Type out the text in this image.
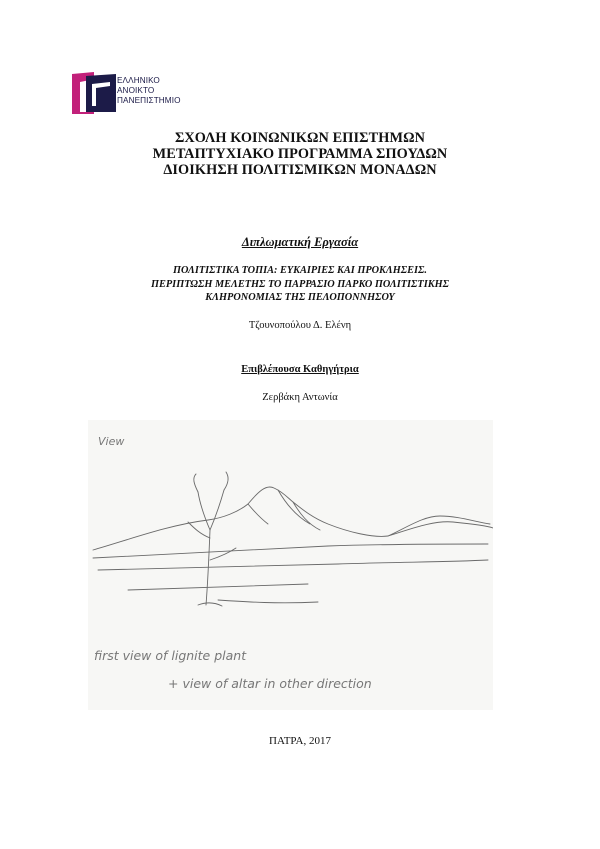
ΕΛΛΗΝΙΚΟ
ΑΝΟΙΚΤΟ
ΠΑΝΕΠΙΣΤΗΜΙΟ
ΣΧΟΛΗ ΚΟΙΝΩΝΙΚΩΝ ΕΠΙΣΤΗΜΩΝ
ΜΕΤΑΠΤΥΧΙΑΚΟ ΠΡΟΓΡΑΜΜΑ ΣΠΟΥΔΩΝ
ΔΙΟΙΚΗΣΗ ΠΟΛΙΤΙΣΜΙΚΩΝ ΜΟΝΑΔΩΝ
Διπλωματική Εργασία
ΠΟΛΙΤΙΣΤΙΚΑ ΤΟΠΙΑ: ΕΥΚΑΙΡΙΕΣ ΚΑΙ ΠΡΟΚΛΗΣΕΙΣ.
ΠΕΡΙΠΤΩΣΗ ΜΕΛΕΤΗΣ ΤΟ ΠΑΡΡΑΣΙΟ ΠΑΡΚΟ ΠΟΛΙΤΙΣΤΙΚΗΣ
ΚΛΗΡΟΝΟΜΙΑΣ ΤΗΣ ΠΕΛΟΠΟΝΝΗΣΟΥ
Τζουνοπούλου Δ. Ελένη
Επιβλέπουσα Καθηγήτρια
Ζερβάκη Αντωνία
View
first view of lignite plant
+ view of altar in other direction
ΠΑΤΡΑ, 2017
